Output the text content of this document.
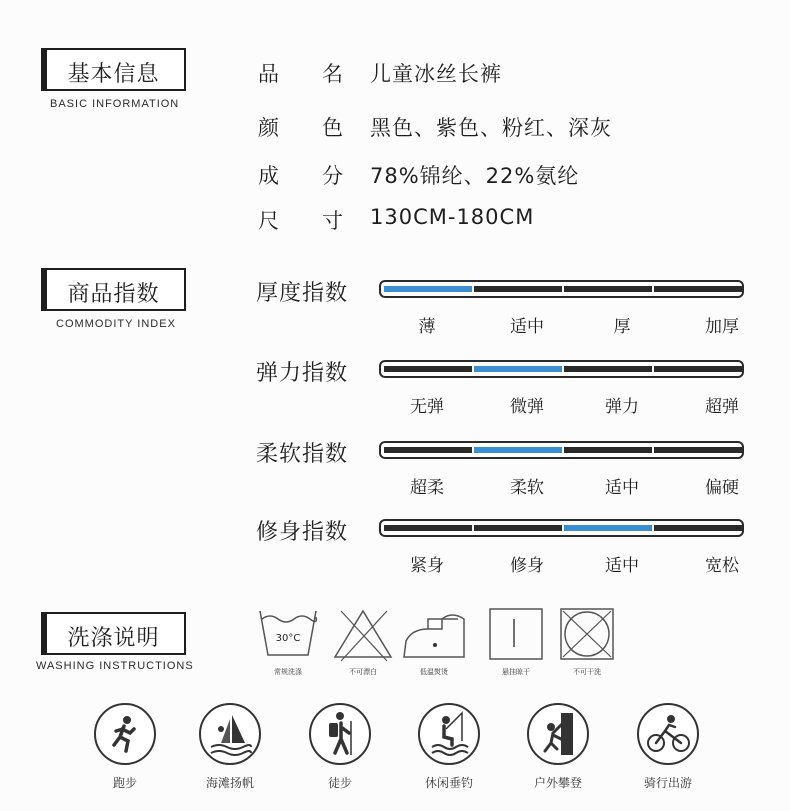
基本信息
BASIC INFORMATION
品 名 儿童冰丝长裤
颜 色 黑色、紫色、粉红、深灰
成 分 78%锦纶、22%氨纶
尺 寸 130CM-180CM
商品指数
COMMODITY INDEX
厚度指数
薄	适中	厚	加厚
弹力指数
无弹	微弹	弹力	超弹
柔软指数
超柔	柔软	适中	偏硬
修身指数
紧身	修身	适中	宽松
洗涤说明
WASHING INSTRUCTIONS
30°C
常规洗涤	不可漂白	低温熨烫	悬挂晾干	不可干洗
跑步	海滩扬帆	徒步	休闲垂钓	户外攀登	骑行出游
